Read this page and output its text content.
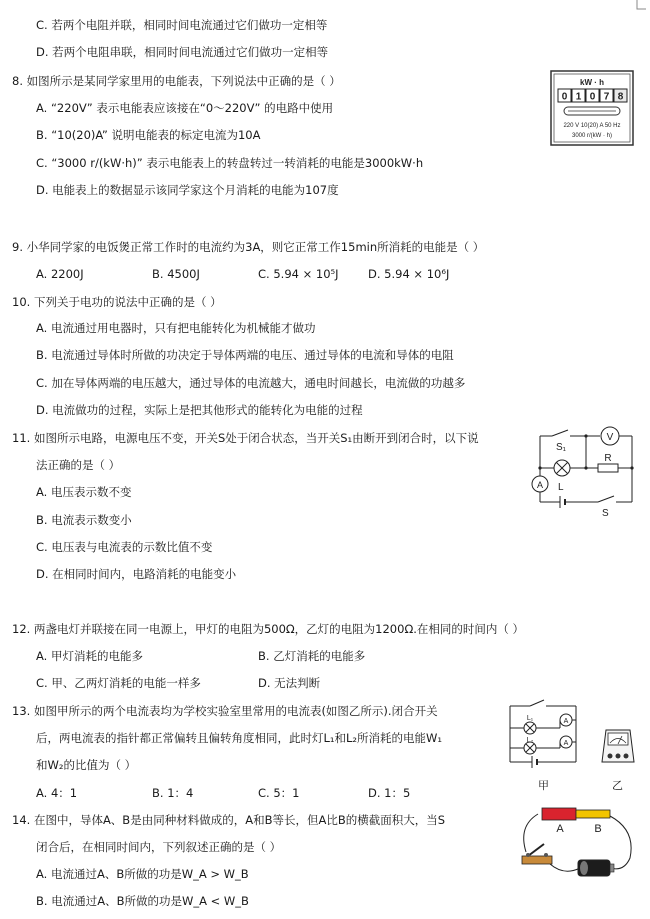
C. 若两个电阻并联，相同时间电流通过它们做功一定相等
D. 若两个电阻串联，相同时间电流通过它们做功一定相等
8. 如图所示是某同学家里用的电能表，下列说法中正确的是（ ）
A. “220V” 表示电能表应该接在“0～220V” 的电路中使用
B. “10(20)A” 说明电能表的标定电流为10A
C. “3000 r/(kW·h)” 表示电能表上的转盘转过一转消耗的电能是3000kW·h
D. 电能表上的数据显示该同学家这个月消耗的电能为107度
kW · h
0 1 0 7 8
220 V 10(20) A 50 Hz
3000 r/(kW · h)
9. 小华同学家的电饭煲正常工作时的电流约为3A，则它正常工作15min所消耗的电能是（ ）
A. 2200J	B. 4500J	C. 5.94 × 10⁵J	D. 5.94 × 10⁶J
10. 下列关于电功的说法中正确的是（ ）
A. 电流通过用电器时，只有把电能转化为机械能才做功
B. 电流通过导体时所做的功决定于导体两端的电压、通过导体的电流和导体的电阻
C. 加在导体两端的电压越大，通过导体的电流越大，通电时间越长，电流做的功越多
D. 电流做功的过程，实际上是把其他形式的能转化为电能的过程
11. 如图所示电路，电源电压不变，开关S处于闭合状态，当开关S₁由断开到闭合时，以下说
法正确的是（ ）
A. 电压表示数不变
B. 电流表示数变小
C. 电压表与电流表的示数比值不变
D. 在相同时间内，电路消耗的电能变小
S₁
V
R
A L
S
12. 两盏电灯并联接在同一电源上，甲灯的电阻为500Ω，乙灯的电阻为1200Ω.在相同的时间内（ ）
A. 甲灯消耗的电能多	B. 乙灯消耗的电能多
C. 甲、乙两灯消耗的电能一样多	D. 无法判断
13. 如图甲所示的两个电流表均为学校实验室里常用的电流表(如图乙所示).闭合开关
后，两电流表的指针都正常偏转且偏转角度相同，此时灯L₁和L₂所消耗的电能W₁
和W₂的比值为（ ）
A. 4：1	B. 1：4	C. 5：1	D. 1：5
L₁
L₂
A
A
甲	乙
14. 在图中，导体A、B是由同种材料做成的，A和B等长，但A比B的横截面积大，当S
闭合后，在相同时间内，下列叙述正确的是（ ）
A. 电流通过A、B所做的功是W_A > W_B
B. 电流通过A、B所做的功是W_A < W_B
A	B
